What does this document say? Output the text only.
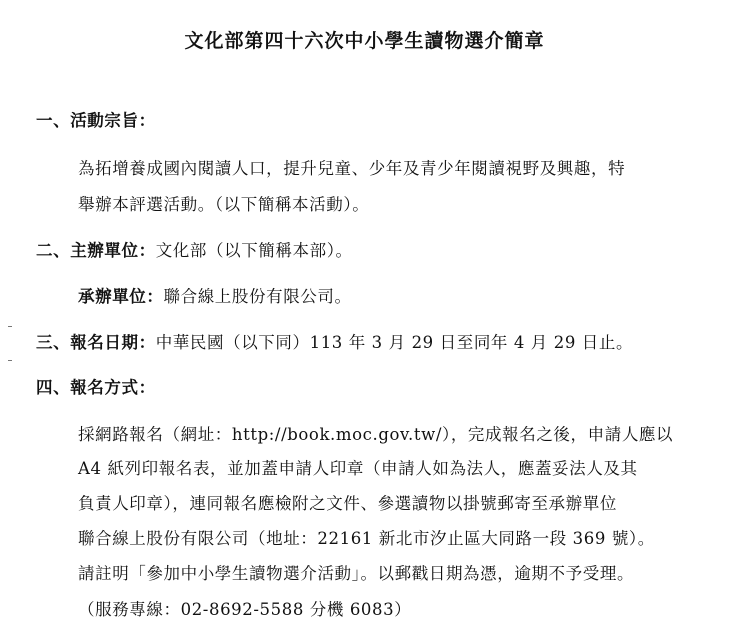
文化部第四十六次中小學生讀物選介簡章
一、活動宗旨：
為拓增養成國內閱讀人口，提升兒童、少年及青少年閱讀視野及興趣，特
舉辦本評選活動。（以下簡稱本活動）。
二、主辦單位：文化部（以下簡稱本部）。
承辦單位：聯合線上股份有限公司。
三、報名日期：中華民國（以下同）113 年 3 月 29 日至同年 4 月 29 日止。
四、報名方式：
採網路報名（網址：http://book.moc.gov.tw/），完成報名之後，申請人應以
A4 紙列印報名表，並加蓋申請人印章（申請人如為法人，應蓋妥法人及其
負責人印章），連同報名應檢附之文件、參選讀物以掛號郵寄至承辦單位
聯合線上股份有限公司（地址：22161 新北市汐止區大同路一段 369 號）。
請註明「參加中小學生讀物選介活動」。以郵戳日期為憑，逾期不予受理。
（服務專線：02-8692-5588 分機 6083）
